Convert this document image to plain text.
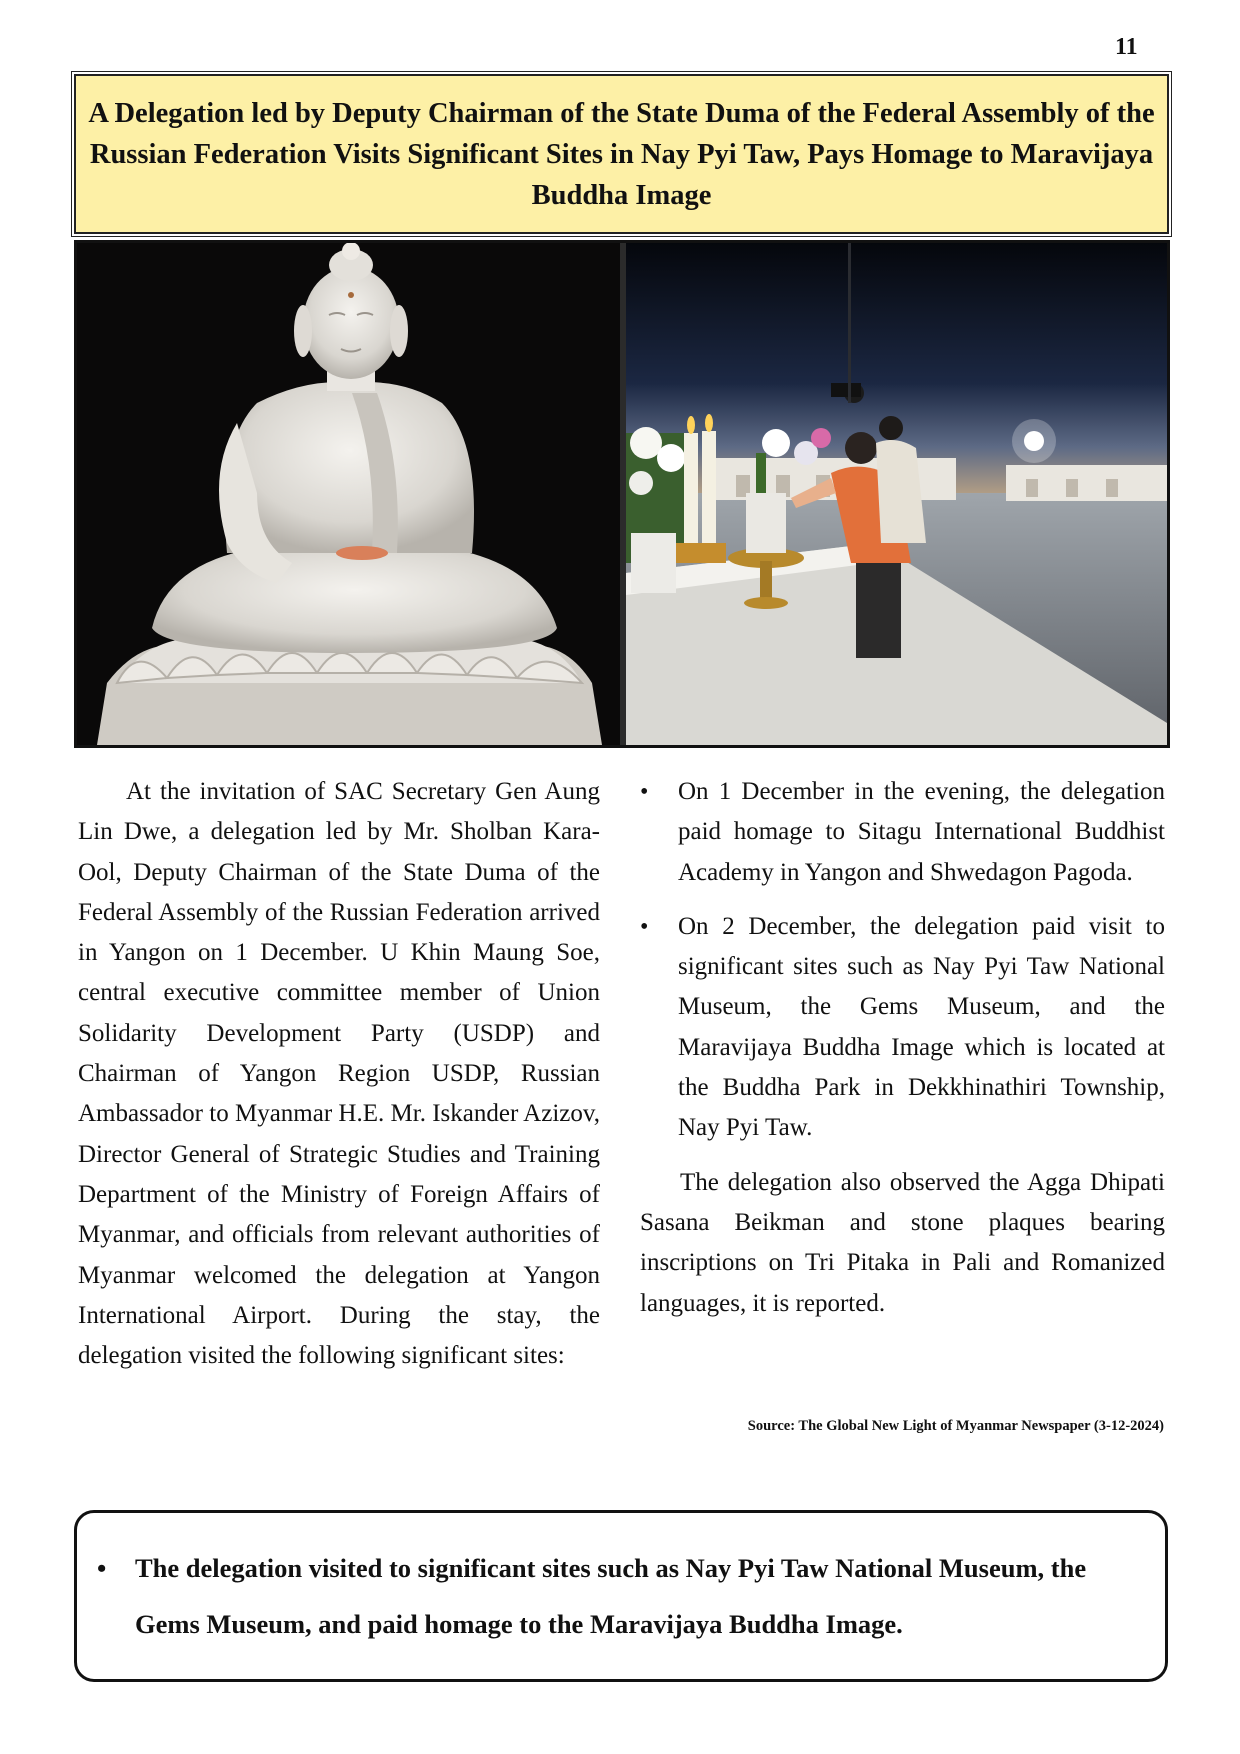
11
A Delegation led by Deputy Chairman of the State Duma of the Federal Assembly of the Russian Federation Visits Significant Sites in Nay Pyi Taw, Pays Homage to Maravijaya Buddha Image

At the invitation of SAC Secretary Gen Aung Lin Dwe, a delegation led by Mr. Sholban Kara-Ool, Deputy Chairman of the State Duma of the Federal Assembly of the Russian Federation arrived in Yangon on 1 December. U Khin Maung Soe, central executive committee member of Union Solidarity Development Party (USDP) and Chairman of Yangon Region USDP, Russian Ambassador to Myanmar H.E. Mr. Iskander Azizov, Director General of Strategic Studies and Training Department of the Ministry of Foreign Affairs of Myanmar, and officials from relevant authorities of Myanmar welcomed the delegation at Yangon International Airport. During the stay, the delegation visited the following significant sites:

• On 1 December in the evening, the delegation paid homage to Sitagu International Buddhist Academy in Yangon and Shwedagon Pagoda.
• On 2 December, the delegation paid visit to significant sites such as Nay Pyi Taw National Museum, the Gems Museum, and the Maravijaya Buddha Image which is located at the Buddha Park in Dekkhinathiri Township, Nay Pyi Taw.

The delegation also observed the Agga Dhipati Sasana Beikman and stone plaques bearing inscriptions on Tri Pitaka in Pali and Romanized languages, it is reported.

Source: The Global New Light of Myanmar Newspaper (3-12-2024)
• The delegation visited to significant sites such as Nay Pyi Taw National Museum, the Gems Museum, and paid homage to the Maravijaya Buddha Image.
